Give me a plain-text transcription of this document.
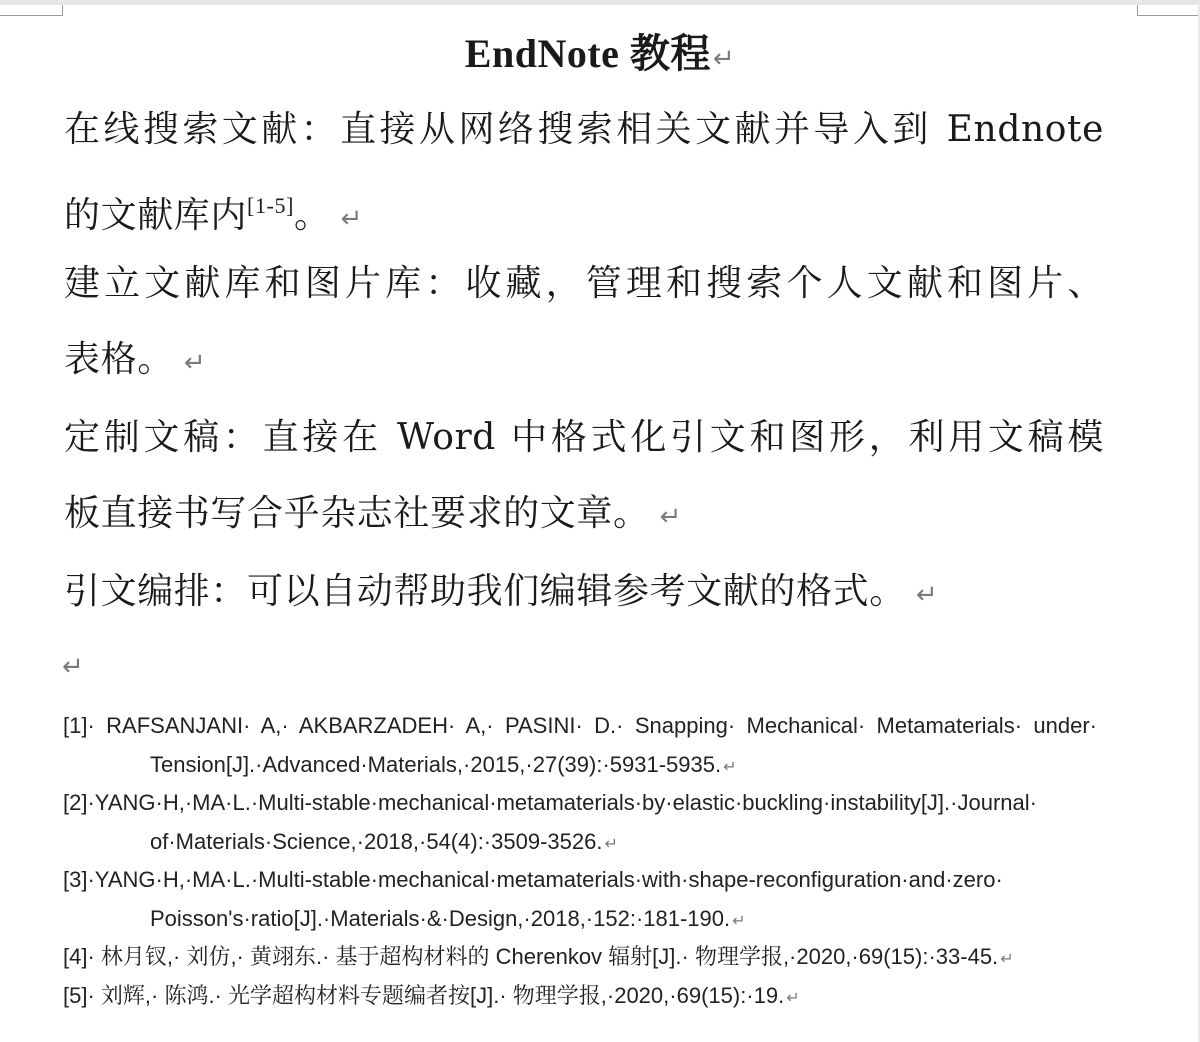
EndNote 教程↵
在线搜索文献：直接从网络搜索相关文献并导入到 Endnote
的文献库内[1-5]。 ↵
建立文献库和图片库：收藏，管理和搜索个人文献和图片、
表格。 ↵
定制文稿：直接在 Word 中格式化引文和图形，利用文稿模
板直接书写合乎杂志社要求的文章。 ↵
引文编排：可以自动帮助我们编辑参考文献的格式。 ↵
↵
[1]· RAFSANJANI· A,· AKBARZADEH· A,· PASINI· D.· Snapping· Mechanical· Metamaterials· under·
Tension[J].·Advanced·Materials,·2015,·27(39):·5931-5935. ↵
[2]·YANG·H,·MA·L.·Multi-stable·mechanical·metamaterials·by·elastic·buckling·instability[J].·Journal·
of·Materials·Science,·2018,·54(4):·3509-3526. ↵
[3]·YANG·H,·MA·L.·Multi-stable·mechanical·metamaterials·with·shape-reconfiguration·and·zero·
Poisson's·ratio[J].·Materials·&·Design,·2018,·152:·181-190. ↵
[4]· 林月钗,· 刘仿,· 黄翊东.· 基于超构材料的 Cherenkov 辐射[J].· 物理学报,·2020,·69(15):·33-45. ↵
[5]· 刘辉,· 陈鸿.· 光学超构材料专题编者按[J].· 物理学报,·2020,·69(15):·19. ↵
